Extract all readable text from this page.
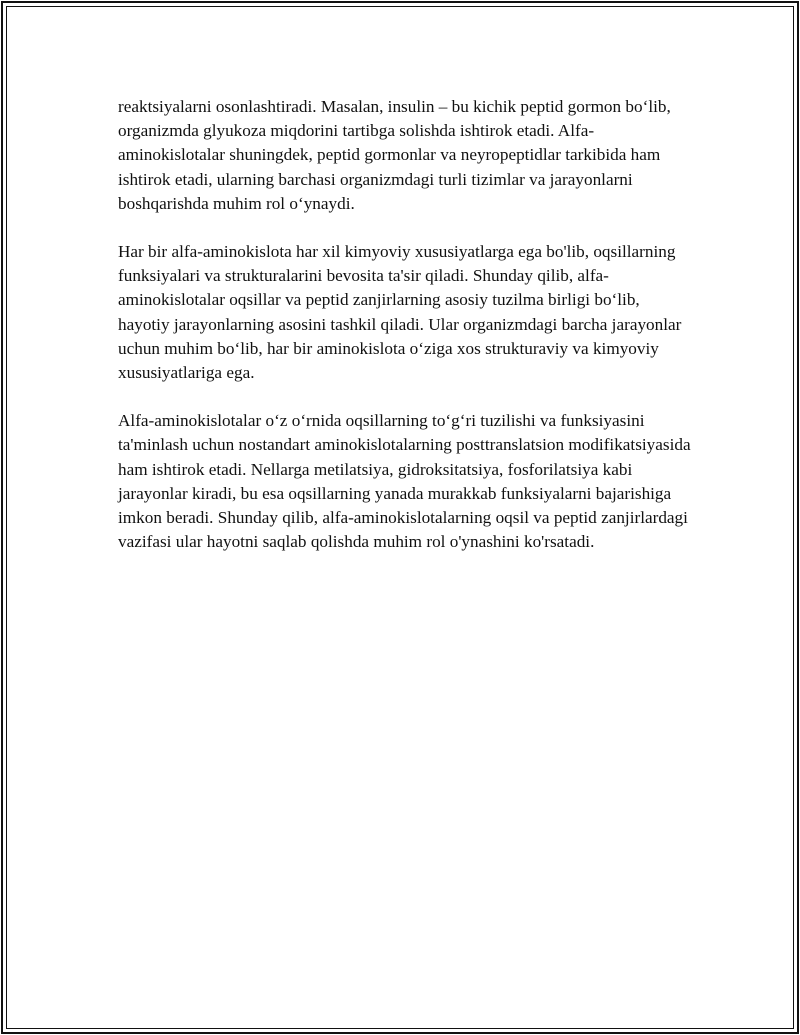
reaktsiyalarni osonlashtiradi. Masalan, insulin – bu kichik peptid gormon bo‘lib, organizmda glyukoza miqdorini tartibga solishda ishtirok etadi. Alfa-aminokislotalar shuningdek, peptid gormonlar va neyropeptidlar tarkibida ham ishtirok etadi, ularning barchasi organizmdagi turli tizimlar va jarayonlarni boshqarishda muhim rol o‘ynaydi.

Har bir alfa-aminokislota har xil kimyoviy xususiyatlarga ega bo'lib, oqsillarning funksiyalari va strukturalarini bevosita ta'sir qiladi. Shunday qilib, alfa-aminokislotalar oqsillar va peptid zanjirlarning asosiy tuzilma birligi bo‘lib, hayotiy jarayonlarning asosini tashkil qiladi. Ular organizmdagi barcha jarayonlar uchun muhim bo‘lib, har bir aminokislota o‘ziga xos strukturaviy va kimyoviy xususiyatlariga ega.

Alfa-aminokislotalar o‘z o‘rnida oqsillarning to‘g‘ri tuzilishi va funksiyasini ta'minlash uchun nostandart aminokislotalarning posttranslatsion modifikatsiyasida ham ishtirok etadi. Nellarga metilatsiya, gidroksitatsiya, fosforilatsiya kabi jarayonlar kiradi, bu esa oqsillarning yanada murakkab funksiyalarni bajarishiga imkon beradi. Shunday qilib, alfa-aminokislotalarning oqsil va peptid zanjirlardagi vazifasi ular hayotni saqlab qolishda muhim rol o'ynashini ko'rsatadi.
